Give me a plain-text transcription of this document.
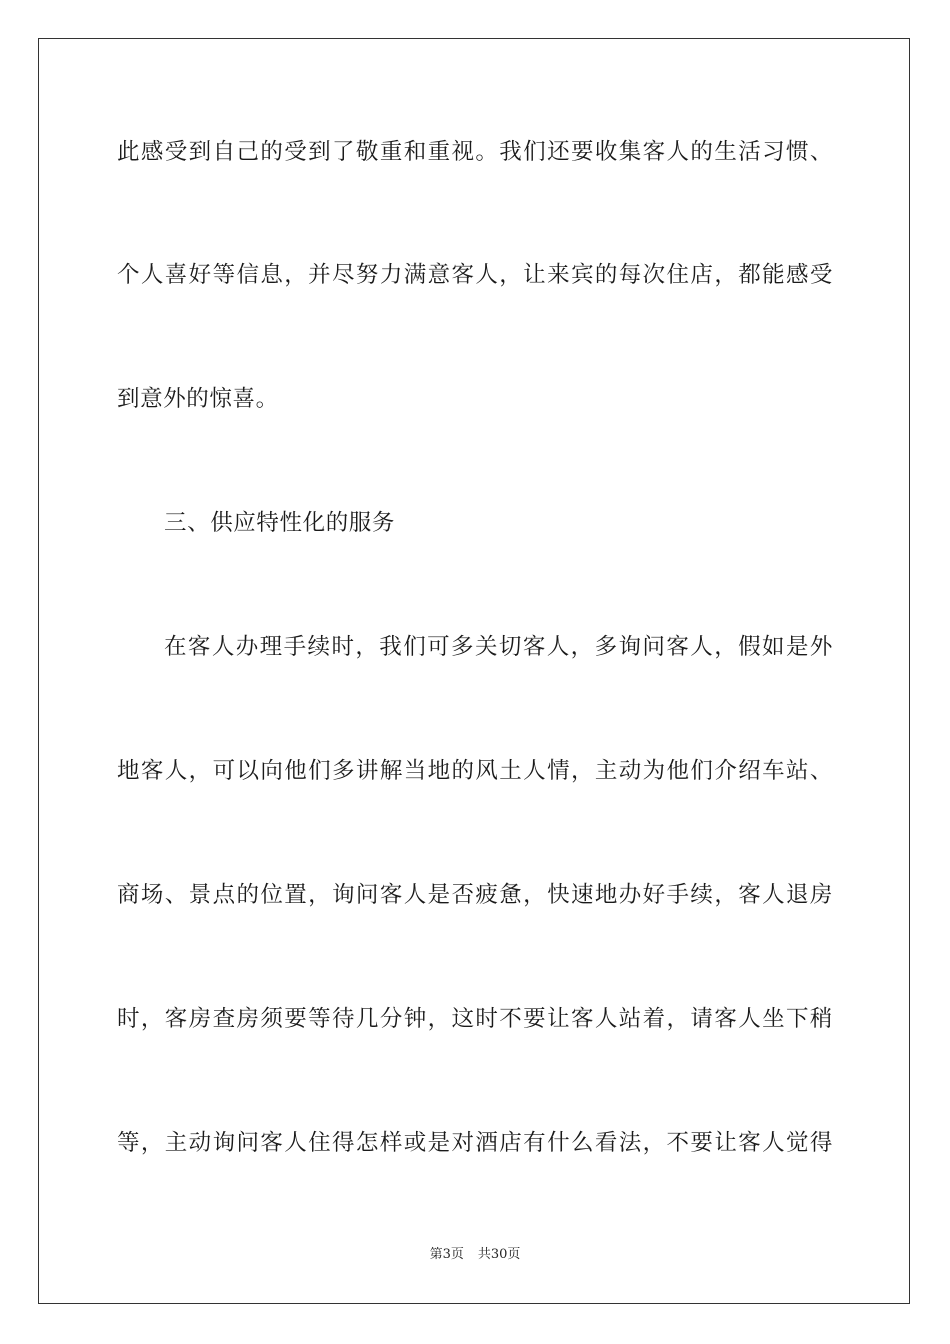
此感受到自己的受到了敬重和重视。我们还要收集客人的生活习惯、
个人喜好等信息，并尽努力满意客人，让来宾的每次住店，都能感受
到意外的惊喜。
三、供应特性化的服务
在客人办理手续时，我们可多关切客人，多询问客人，假如是外
地客人，可以向他们多讲解当地的风土人情，主动为他们介绍车站、
商场、景点的位置，询问客人是否疲惫，快速地办好手续，客人退房
时，客房查房须要等待几分钟，这时不要让客人站着，请客人坐下稍
等，主动询问客人住得怎样或是对酒店有什么看法，不要让客人觉得
第3页 共30页
